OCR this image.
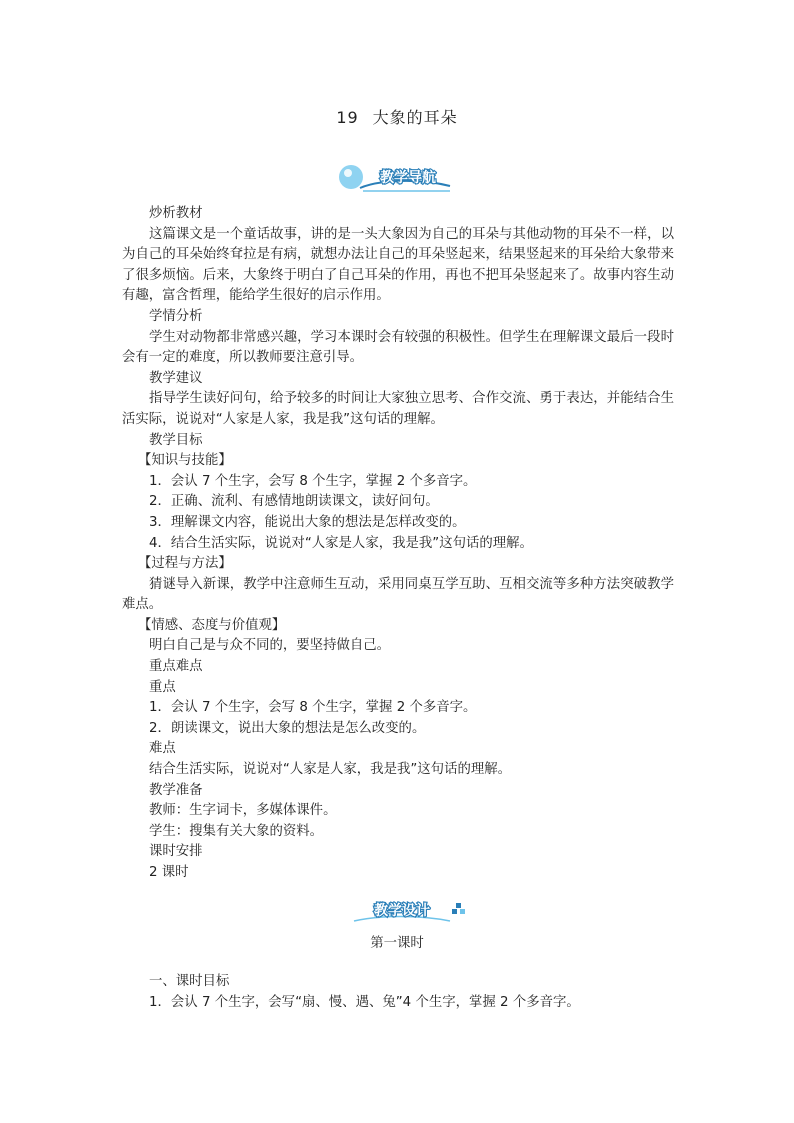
19 大象的耳朵
教学导航
炒析教材
这篇课文是一个童话故事，讲的是一头大象因为自己的耳朵与其他动物的耳朵不一样，以为自己的耳朵始终耷拉是有病，就想办法让自己的耳朵竖起来，结果竖起来的耳朵给大象带来了很多烦恼。后来，大象终于明白了自己耳朵的作用，再也不把耳朵竖起来了。故事内容生动有趣，富含哲理，能给学生很好的启示作用。
学情分析
学生对动物都非常感兴趣，学习本课时会有较强的积极性。但学生在理解课文最后一段时会有一定的难度，所以教师要注意引导。
教学建议
指导学生读好问句，给予较多的时间让大家独立思考、合作交流、勇于表达，并能结合生活实际，说说对“人家是人家，我是我”这句话的理解。
教学目标
【知识与技能】
1．会认 7 个生字，会写 8 个生字，掌握 2 个多音字。
2．正确、流利、有感情地朗读课文，读好问句。
3．理解课文内容，能说出大象的想法是怎样改变的。
4．结合生活实际，说说对“人家是人家，我是我”这句话的理解。
【过程与方法】
猜谜导入新课，教学中注意师生互动，采用同桌互学互助、互相交流等多种方法突破教学难点。
【情感、态度与价值观】
明白自己是与众不同的，要坚持做自己。
重点难点
重点
1．会认 7 个生字，会写 8 个生字，掌握 2 个多音字。
2．朗读课文，说出大象的想法是怎么改变的。
难点
结合生活实际，说说对“人家是人家，我是我”这句话的理解。
教学准备
教师：生字词卡，多媒体课件。
学生：搜集有关大象的资料。
课时安排
2 课时
教学设计
第一课时
一、课时目标
1．会认 7 个生字，会写“扇、慢、遇、兔”4 个生字，掌握 2 个多音字。
